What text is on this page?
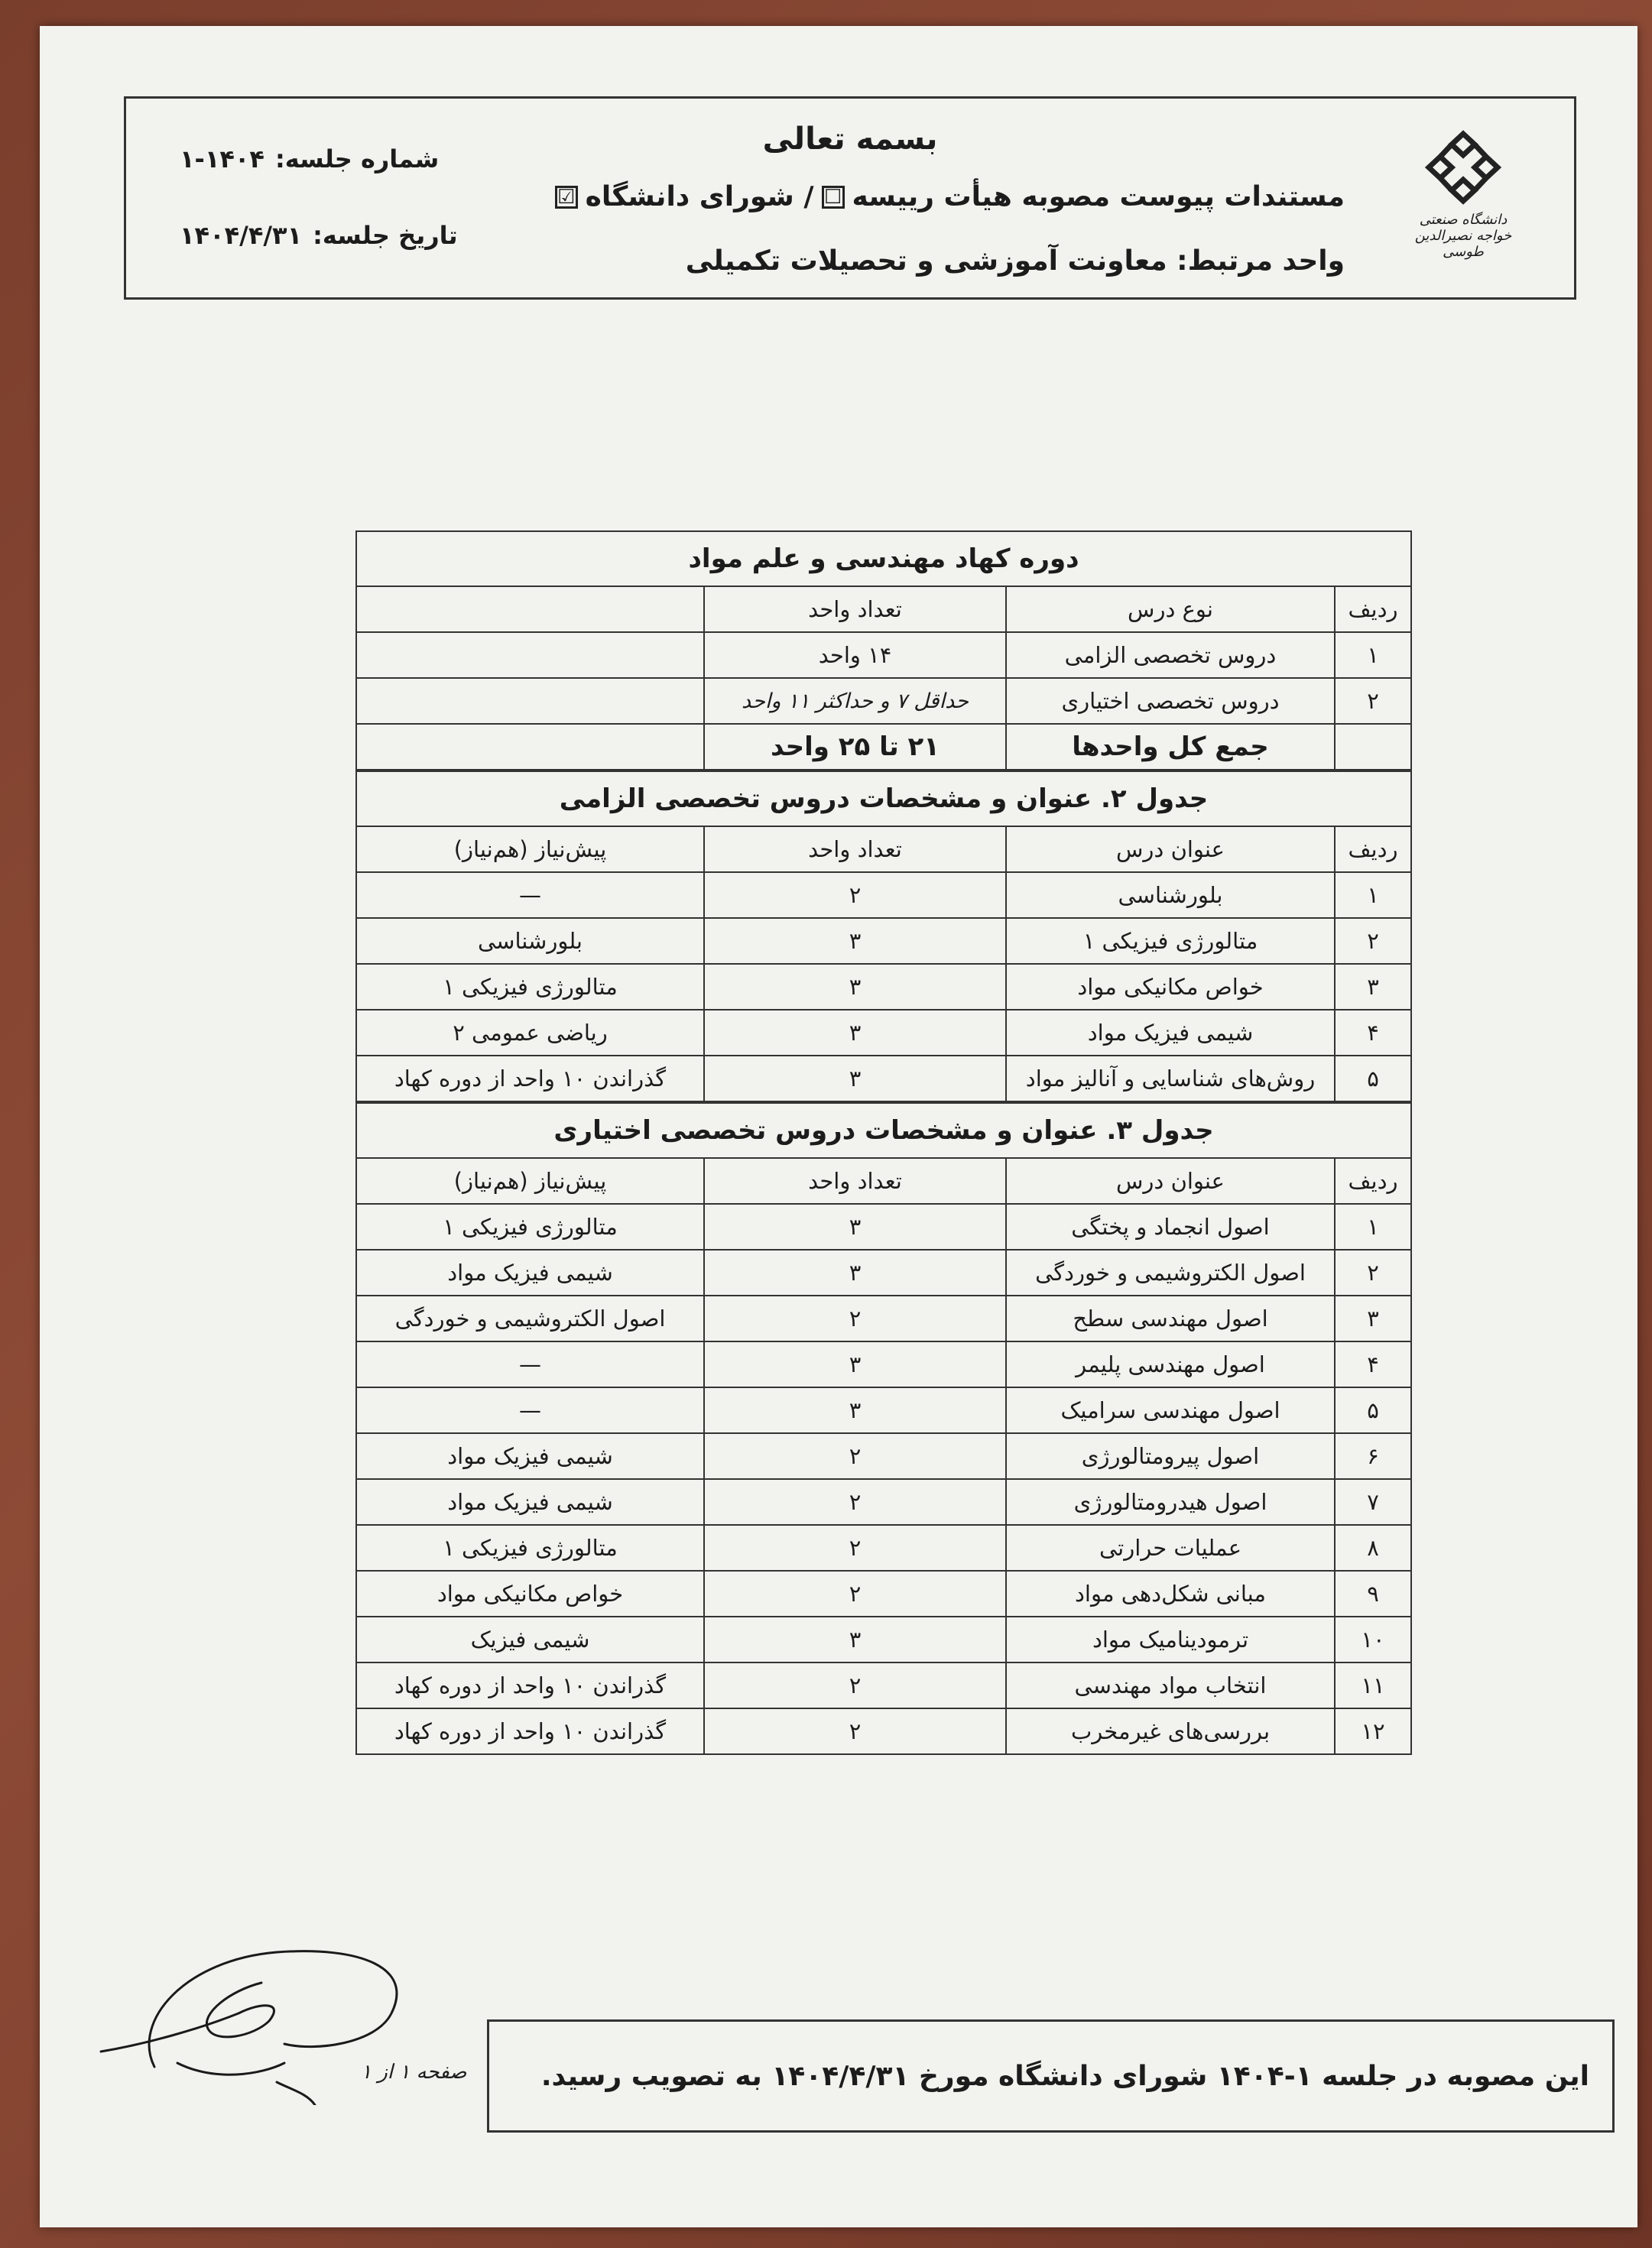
دانشگاه صنعتی خواجه نصیرالدین طوسی
بسمه تعالی
مستندات پیوست مصوبه هیأت رییسه
☐
/ شورای دانشگاه
☑
واحد مرتبط: معاونت آموزشی و تحصیلات تکمیلی
شماره جلسه:
۱-۱۴۰۴
تاریخ جلسه:
۱۴۰۴/۴/۳۱
دوره کهاد مهندسی و علم مواد			
ردیف	نوع درس	تعداد واحد	
۱	دروس تخصصی الزامی	۱۴ واحد	
۲	دروس تخصصی اختیاری	حداقل ۷ و حداکثر ۱۱ واحد	
	جمع کل واحدها	۲۱ تا ۲۵ واحد	
جدول ۲. عنوان و مشخصات دروس تخصصی الزامی			
ردیف	عنوان درس	تعداد واحد	پیش‌نیاز (هم‌نیاز)
۱	بلورشناسی	۲	—
۲	متالورژی فیزیکی ۱	۳	بلورشناسی
۳	خواص مکانیکی مواد	۳	متالورژی فیزیکی ۱
۴	شیمی فیزیک مواد	۳	ریاضی عمومی ۲
۵	روش‌های شناسایی و آنالیز مواد	۳	گذراندن ۱۰ واحد از دوره کهاد
جدول ۳. عنوان و مشخصات دروس تخصصی اختیاری			
ردیف	عنوان درس	تعداد واحد	پیش‌نیاز (هم‌نیاز)
۱	اصول انجماد و پختگی	۳	متالورژی فیزیکی ۱
۲	اصول الکتروشیمی و خوردگی	۳	شیمی فیزیک مواد
۳	اصول مهندسی سطح	۲	اصول الکتروشیمی و خوردگی
۴	اصول مهندسی پلیمر	۳	—
۵	اصول مهندسی سرامیک	۳	—
۶	اصول پیرومتالورژی	۲	شیمی فیزیک مواد
۷	اصول هیدرومتالورژی	۲	شیمی فیزیک مواد
۸	عملیات حرارتی	۲	متالورژی فیزیکی ۱
۹	مبانی شکل‌دهی مواد	۲	خواص مکانیکی مواد
۱۰	ترمودینامیک مواد	۳	شیمی فیزیک
۱۱	انتخاب مواد مهندسی	۲	گذراندن ۱۰ واحد از دوره کهاد
۱۲	بررسی‌های غیرمخرب	۲	گذراندن ۱۰ واحد از دوره کهاد
صفحه ۱ از ۱	این مصوبه در جلسه ۱-۱۴۰۴ شورای دانشگاه مورخ ۱۴۰۴/۴/۳۱ به تصویب رسید.
